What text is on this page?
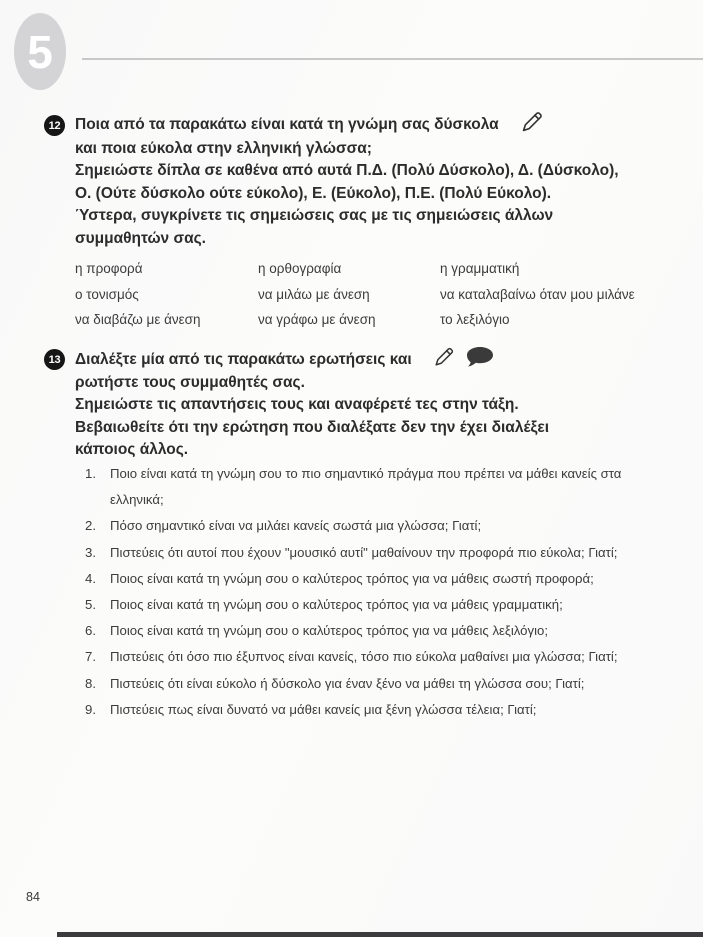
5
12 Ποια από τα παρακάτω είναι κατά τη γνώμη σας δύσκολα
και ποια εύκολα στην ελληνική γλώσσα;
Σημειώστε δίπλα σε καθένα από αυτά Π.Δ. (Πολύ Δύσκολο), Δ. (Δύσκολο),
Ο. (Ούτε δύσκολο ούτε εύκολο), Ε. (Εύκολο), Π.Ε. (Πολύ Εύκολο).
Ύστερα, συγκρίνετε τις σημειώσεις σας με τις σημειώσεις άλλων
συμμαθητών σας.
η προφορά	η ορθογραφία	η γραμματική
ο τονισμός	να μιλάω με άνεση	να καταλαβαίνω όταν μου μιλάνε
να διαβάζω με άνεση	να γράφω με άνεση	το λεξιλόγιο
13 Διαλέξτε μία από τις παρακάτω ερωτήσεις και
ρωτήστε τους συμμαθητές σας.
Σημειώστε τις απαντήσεις τους και αναφέρετέ τες στην τάξη.
Βεβαιωθείτε ότι την ερώτηση που διαλέξατε δεν την έχει διαλέξει
κάποιος άλλος.
1.	Ποιο είναι κατά τη γνώμη σου το πιο σημαντικό πράγμα που πρέπει να μάθει κανείς στα ελληνικά;
2.	Πόσο σημαντικό είναι να μιλάει κανείς σωστά μια γλώσσα; Γιατί;
3.	Πιστεύεις ότι αυτοί που έχουν "μουσικό αυτί" μαθαίνουν την προφορά πιο εύκολα; Γιατί;
4.	Ποιος είναι κατά τη γνώμη σου ο καλύτερος τρόπος για να μάθεις σωστή προφορά;
5.	Ποιος είναι κατά τη γνώμη σου ο καλύτερος τρόπος για να μάθεις γραμματική;
6.	Ποιος είναι κατά τη γνώμη σου ο καλύτερος τρόπος για να μάθεις λεξιλόγιο;
7.	Πιστεύεις ότι όσο πιο έξυπνος είναι κανείς, τόσο πιο εύκολα μαθαίνει μια γλώσσα; Γιατί;
8.	Πιστεύεις ότι είναι εύκολο ή δύσκολο για έναν ξένο να μάθει τη γλώσσα σου; Γιατί;
9.	Πιστεύεις πως είναι δυνατό να μάθει κανείς μια ξένη γλώσσα τέλεια; Γιατί;
84
